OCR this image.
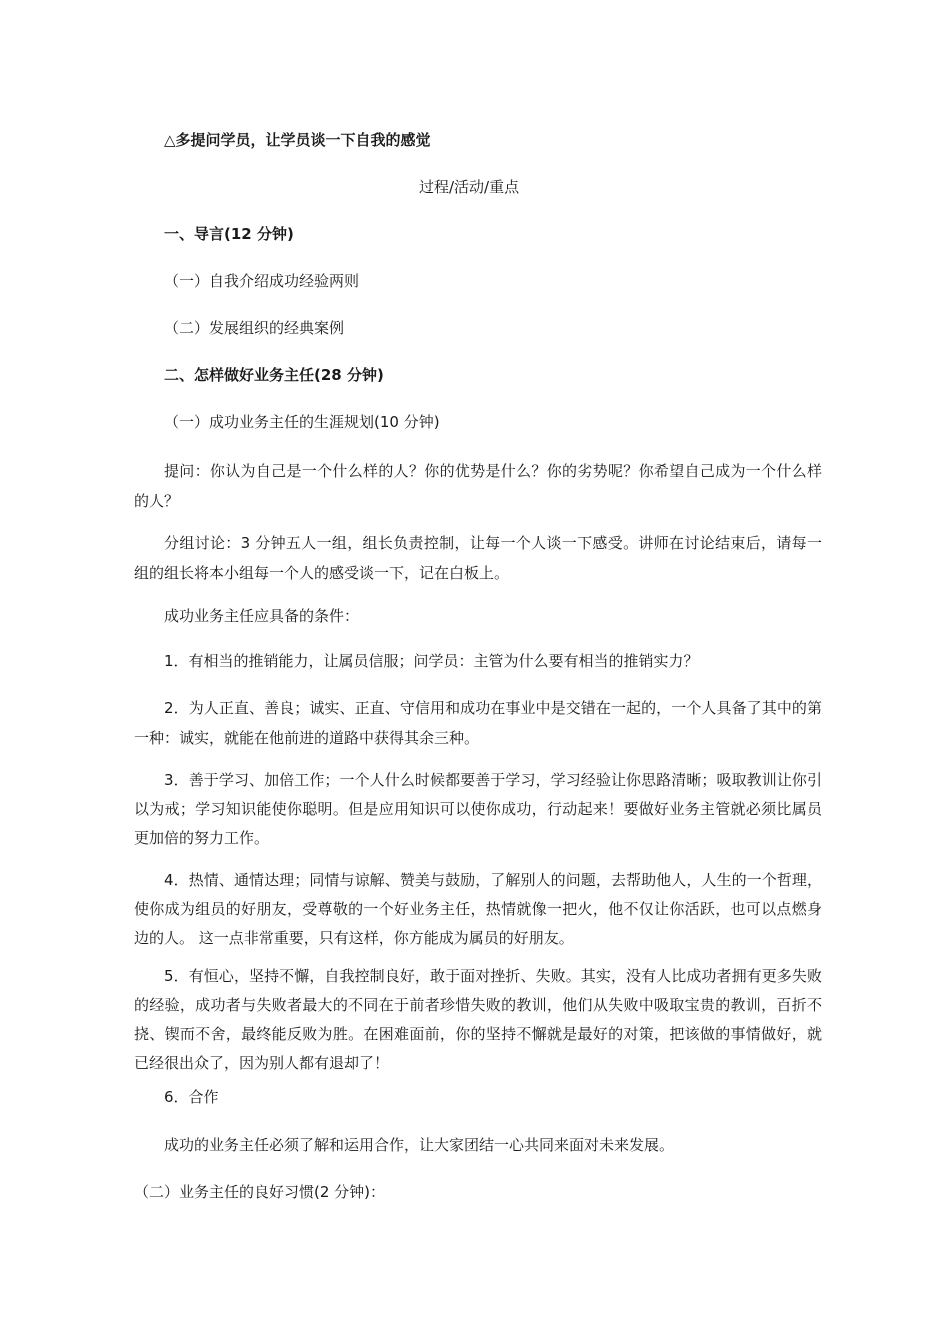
△多提问学员，让学员谈一下自我的感觉
过程/活动/重点
一、导言(12 分钟)
（一）自我介绍成功经验两则
（二）发展组织的经典案例
二、怎样做好业务主任(28 分钟)
（一）成功业务主任的生涯规划(10 分钟)
提问：你认为自己是一个什么样的人？你的优势是什么？你的劣势呢？你希望自己成为一个什么样的人？
分组讨论：3 分钟五人一组，组长负责控制，让每一个人谈一下感受。讲师在讨论结束后，请每一组的组长将本小组每一个人的感受谈一下，记在白板上。
成功业务主任应具备的条件：
1．有相当的推销能力，让属员信服；问学员：主管为什么要有相当的推销实力？
2．为人正直、善良；诚实、正直、守信用和成功在事业中是交错在一起的，一个人具备了其中的第一种：诚实，就能在他前进的道路中获得其余三种。
3．善于学习、加倍工作；一个人什么时候都要善于学习，学习经验让你思路清晰；吸取教训让你引以为戒；学习知识能使你聪明。但是应用知识可以使你成功，行动起来！要做好业务主管就必须比属员更加倍的努力工作。
4．热情、通情达理；同情与谅解、赞美与鼓励，了解别人的问题，去帮助他人，人生的一个哲理，使你成为组员的好朋友，受尊敬的一个好业务主任，热情就像一把火，他不仅让你活跃，也可以点燃身边的人。 这一点非常重要，只有这样，你方能成为属员的好朋友。
5．有恒心，坚持不懈，自我控制良好，敢于面对挫折、失败。其实，没有人比成功者拥有更多失败的经验，成功者与失败者最大的不同在于前者珍惜失败的教训，他们从失败中吸取宝贵的教训，百折不挠、锲而不舍，最终能反败为胜。在困难面前，你的坚持不懈就是最好的对策，把该做的事情做好，就已经很出众了，因为别人都有退却了！
6．合作
成功的业务主任必须了解和运用合作，让大家团结一心共同来面对未来发展。
（二）业务主任的良好习惯(2 分钟)：
